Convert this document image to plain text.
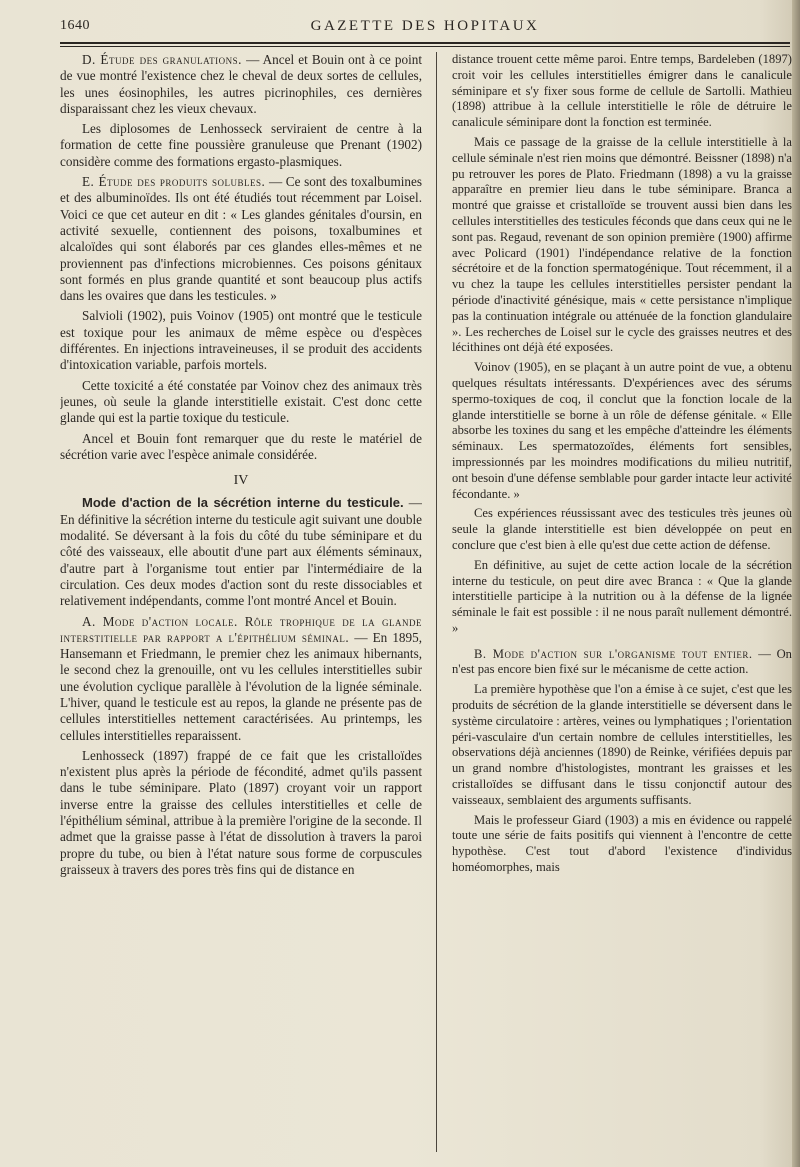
1640	GAZETTE DES HOPITAUX

D. Étude des granulations. — Ancel et Bouin ont à ce point de vue montré l'existence chez le cheval de deux sortes de cellules, les unes éosinophiles, les autres picrinophiles, ces dernières disparaissant chez les vieux chevaux.

Les diplosomes de Lenhosseck serviraient de centre à la formation de cette fine poussière granuleuse que Prenant (1902) considère comme des formations ergasto-plasmiques.

E. Étude des produits solubles. — Ce sont des toxalbumines et des albuminoïdes. Ils ont été étudiés tout récemment par Loisel. Voici ce que cet auteur en dit : « Les glandes génitales d'oursin, en activité sexuelle, contiennent des poisons, toxalbumines et alcaloïdes qui sont élaborés par ces glandes elles-mêmes et ne proviennent pas d'infections microbiennes. Ces poisons génitaux sont formés en plus grande quantité et sont beaucoup plus actifs dans les ovaires que dans les testicules. »

Salvioli (1902), puis Voinov (1905) ont montré que le testicule est toxique pour les animaux de même espèce ou d'espèces différentes. En injections intraveineuses, il se produit des accidents d'intoxication variable, parfois mortels.

Cette toxicité a été constatée par Voinov chez des animaux très jeunes, où seule la glande interstitielle existait. C'est donc cette glande qui est la partie toxique du testicule.

Ancel et Bouin font remarquer que du reste le matériel de sécrétion varie avec l'espèce animale considérée.

IV

Mode d'action de la sécrétion interne du testicule. — En définitive la sécrétion interne du testicule agit suivant une double modalité. Se déversant à la fois du côté du tube séminipare et du côté des vaisseaux, elle aboutit d'une part aux éléments séminaux, d'autre part à l'organisme tout entier par l'intermédiaire de la circulation. Ces deux modes d'action sont du reste dissociables et relativement indépendants, comme l'ont montré Ancel et Bouin.

A. Mode d'action locale. Rôle trophique de la glande interstitielle par rapport a l'épithélium séminal. — En 1895, Hansemann et Friedmann, le premier chez les animaux hibernants, le second chez la grenouille, ont vu les cellules interstitielles subir une évolution cyclique parallèle à l'évolution de la lignée séminale. L'hiver, quand le testicule est au repos, la glande ne présente pas de cellules interstitielles nettement caractérisées. Au printemps, les cellules interstitielles reparaissent.

Lenhosseck (1897) frappé de ce fait que les cristalloïdes n'existent plus après la période de fécondité, admet qu'ils passent dans le tube séminipare. Plato (1897) croyant voir un rapport inverse entre la graisse des cellules interstitielles et celle de l'épithélium séminal, attribue à la première l'origine de la seconde. Il admet que la graisse passe à l'état de dissolution à travers la paroi propre du tube, ou bien à l'état nature sous forme de corpuscules graisseux à travers des pores très fins qui de distance en

distance trouent cette même paroi. Entre temps, Bardeleben (1897) croit voir les cellules interstitielles émigrer dans le canalicule séminipare et s'y fixer sous forme de cellule de Sartolli. Mathieu (1898) attribue à la cellule interstitielle le rôle de détruire le canalicule séminipare dont la fonction est terminée.

Mais ce passage de la graisse de la cellule interstitielle à la cellule séminale n'est rien moins que démontré. Beissner (1898) n'a pu retrouver les pores de Plato. Friedmann (1898) a vu la graisse apparaître en premier lieu dans le tube séminipare. Branca a montré que graisse et cristalloïde se trouvent aussi bien dans les cellules interstitielles des testicules féconds que dans ceux qui ne le sont pas. Regaud, revenant de son opinion première (1900) affirme avec Policard (1901) l'indépendance relative de la fonction sécrétoire et de la fonction spermatogénique. Tout récemment, il a vu chez la taupe les cellules interstitielles persister pendant la période d'inactivité génésique, mais « cette persistance n'implique pas la continuation intégrale ou atténuée de la fonction glandulaire ». Les recherches de Loisel sur le cycle des graisses neutres et des lécithines ont déjà été exposées.

Voinov (1905), en se plaçant à un autre point de vue, a obtenu quelques résultats intéressants. D'expériences avec des sérums spermo-toxiques de coq, il conclut que la fonction locale de la glande interstitielle se borne à un rôle de défense génitale. « Elle absorbe les toxines du sang et les empêche d'atteindre les éléments séminaux. Les spermatozoïdes, éléments fort sensibles, impressionnés par les moindres modifications du milieu nutritif, ont besoin d'une défense semblable pour garder intacte leur activité fécondante. »

Ces expériences réussissant avec des testicules très jeunes où seule la glande interstitielle est bien développée on peut en conclure que c'est bien à elle qu'est due cette action de défense.

En définitive, au sujet de cette action locale de la sécrétion interne du testicule, on peut dire avec Branca : « Que la glande interstitielle participe à la nutrition ou à la défense de la lignée séminale le fait est possible : il ne nous paraît nullement démontré. »

B. Mode d'action sur l'organisme tout entier. — On n'est pas encore bien fixé sur le mécanisme de cette action.

La première hypothèse que l'on a émise à ce sujet, c'est que les produits de sécrétion de la glande interstitielle se déversent dans le système circulatoire : artères, veines ou lymphatiques ; l'orientation péri-vasculaire d'un certain nombre de cellules interstitielles, les observations déjà anciennes (1890) de Reinke, vérifiées depuis par un grand nombre d'histologistes, montrant les graisses et les cristalloïdes se diffusant dans le tissu conjonctif autour des vaisseaux, semblaient des arguments suffisants.

Mais le professeur Giard (1903) a mis en évidence ou rappelé toute une série de faits positifs qui viennent à l'encontre de cette hypothèse. C'est tout d'abord l'existence d'individus homéomorphes, mais
